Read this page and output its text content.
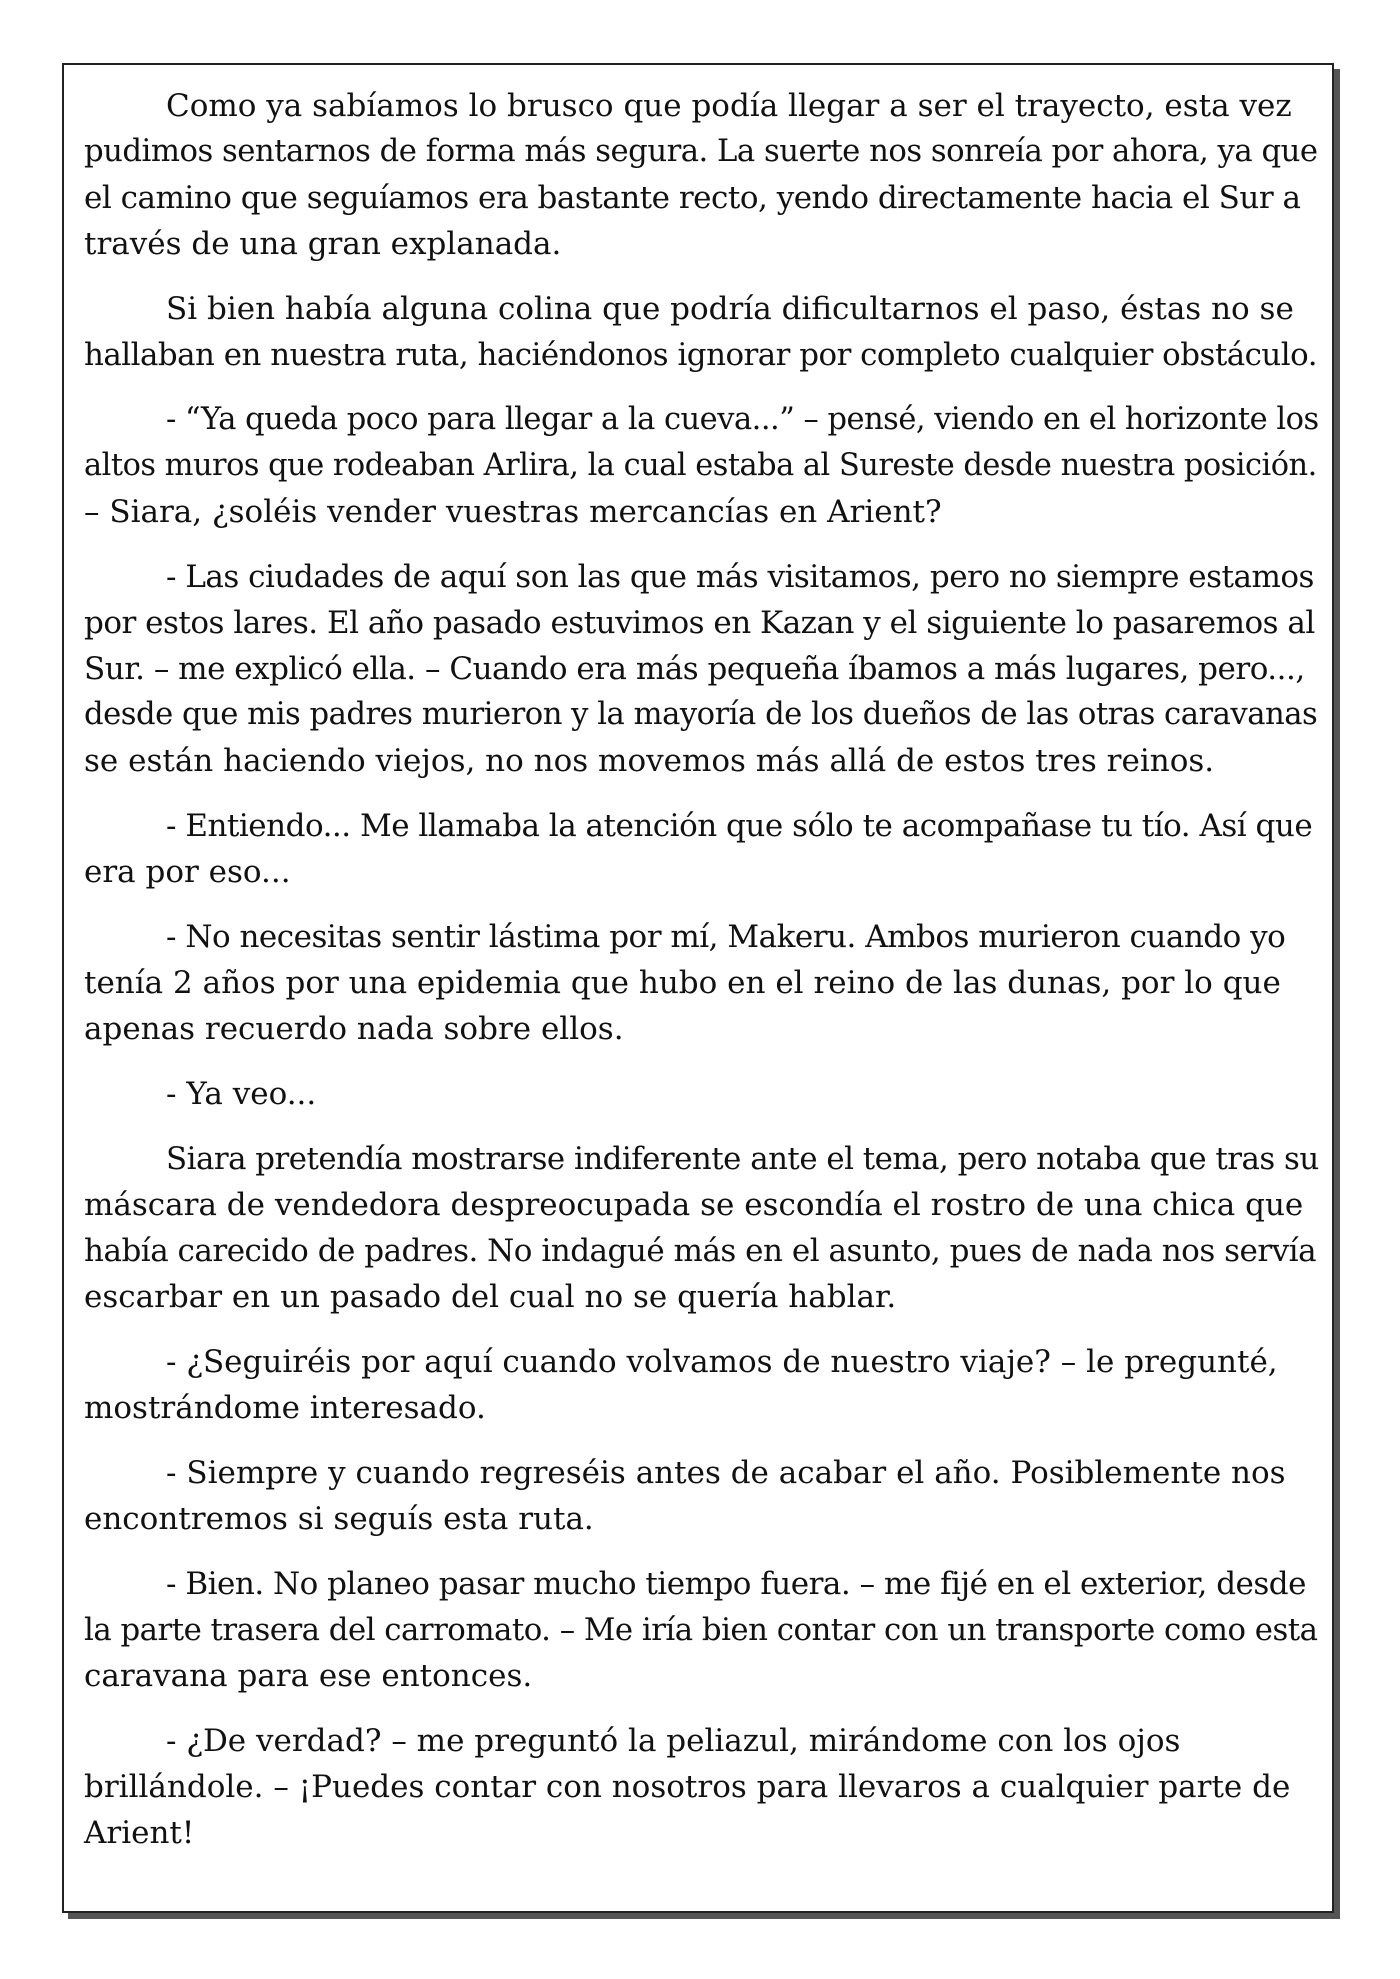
Como ya sabíamos lo brusco que podía llegar a ser el trayecto, esta vez
pudimos sentarnos de forma más segura. La suerte nos sonreía por ahora, ya que
el camino que seguíamos era bastante recto, yendo directamente hacia el Sur a
través de una gran explanada.

Si bien había alguna colina que podría dificultarnos el paso, éstas no se
hallaban en nuestra ruta, haciéndonos ignorar por completo cualquier obstáculo.

- “Ya queda poco para llegar a la cueva...” – pensé, viendo en el horizonte los
altos muros que rodeaban Arlira, la cual estaba al Sureste desde nuestra posición.
– Siara, ¿soléis vender vuestras mercancías en Arient?

- Las ciudades de aquí son las que más visitamos, pero no siempre estamos
por estos lares. El año pasado estuvimos en Kazan y el siguiente lo pasaremos al
Sur. – me explicó ella. – Cuando era más pequeña íbamos a más lugares, pero...,
desde que mis padres murieron y la mayoría de los dueños de las otras caravanas
se están haciendo viejos, no nos movemos más allá de estos tres reinos.

- Entiendo... Me llamaba la atención que sólo te acompañase tu tío. Así que
era por eso...

- No necesitas sentir lástima por mí, Makeru. Ambos murieron cuando yo
tenía 2 años por una epidemia que hubo en el reino de las dunas, por lo que
apenas recuerdo nada sobre ellos.

- Ya veo...

Siara pretendía mostrarse indiferente ante el tema, pero notaba que tras su
máscara de vendedora despreocupada se escondía el rostro de una chica que
había carecido de padres. No indagué más en el asunto, pues de nada nos servía
escarbar en un pasado del cual no se quería hablar.

- ¿Seguiréis por aquí cuando volvamos de nuestro viaje? – le pregunté,
mostrándome interesado.

- Siempre y cuando regreséis antes de acabar el año. Posiblemente nos
encontremos si seguís esta ruta.

- Bien. No planeo pasar mucho tiempo fuera. – me fijé en el exterior, desde
la parte trasera del carromato. – Me iría bien contar con un transporte como esta
caravana para ese entonces.

- ¿De verdad? – me preguntó la peliazul, mirándome con los ojos
brillándole. – ¡Puedes contar con nosotros para llevaros a cualquier parte de
Arient!
